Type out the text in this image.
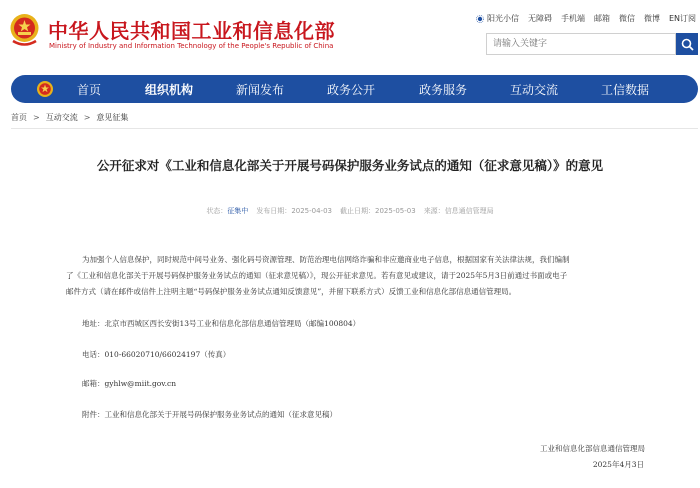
中华人民共和国工业和信息化部
Ministry of Industry and Information Technology of the People's Republic of China
阳光小信 无障碍 手机端 邮箱 微信 微博 EN订阅
请输入关键字
首页	组织机构	新闻发布	政务公开	政务服务	互动交流	工信数据
首页 > 互动交流 > 意见征集
公开征求对《工业和信息化部关于开展号码保护服务业务试点的通知（征求意见稿）》的意见
状态：征集中 发布日期：2025-04-03 截止日期：2025-05-03 来源：信息通信管理局

为加强个人信息保护，同时规范中间号业务、强化码号资源管理、防范治理电信网络诈骗和非应邀商业电子信息，根据国家有关法律法规，我们编制

了《工业和信息化部关于开展号码保护服务业务试点的通知（征求意见稿）》，现公开征求意见。若有意见或建议，请于2025年5月3日前通过书面或电子

邮件方式（请在邮件或信件上注明主题“号码保护服务业务试点通知反馈意见”，并留下联系方式）反馈工业和信息化部信息通信管理局。

地址：北京市西城区西长安街13号工业和信息化部信息通信管理局（邮编100804）

电话：010-66020710/66024197（传真）

邮箱：gyhlw@miit.gov.cn

附件：工业和信息化部关于开展号码保护服务业务试点的通知（征求意见稿）

工业和信息化部信息通信管理局

2025年4月3日
